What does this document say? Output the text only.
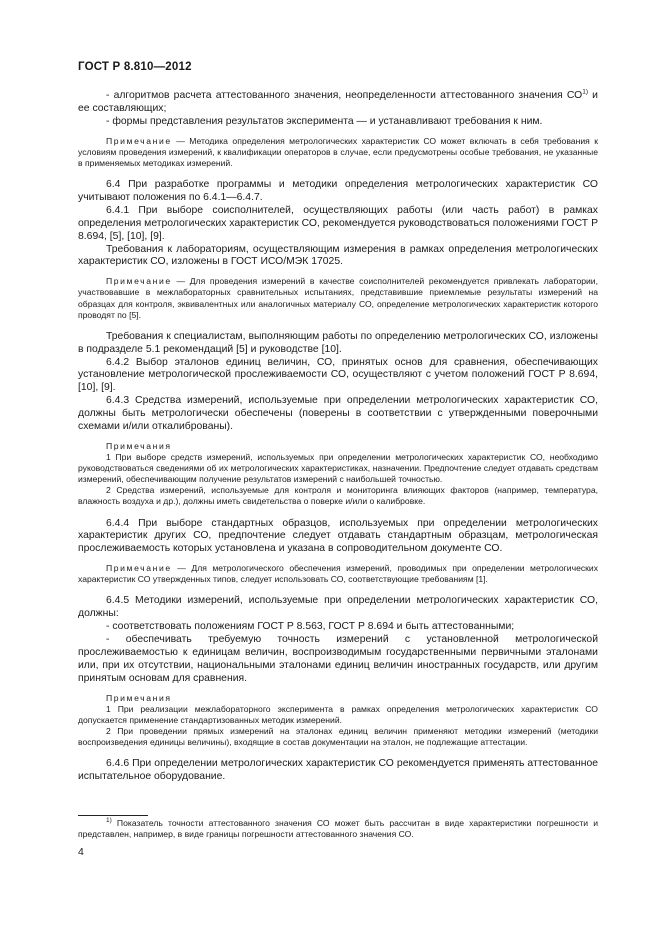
ГОСТ Р 8.810—2012

- алгоритмов расчета аттестованного значения, неопределенности аттестованного значения СО$^{1)}$ и ее составляющих;

- формы представления результатов эксперимента — и устанавливают требования к ним.

Примечание — Методика определения метрологических характеристик СО может включать в себя требования к условиям проведения измерений, к квалификации операторов в случае, если предусмотрены особые требования, не указанные в применяемых методиках измерений.

6.4 При разработке программы и методики определения метрологических характеристик СО учитывают положения по 6.4.1—6.4.7.

6.4.1 При выборе соисполнителей, осуществляющих работы (или часть работ) в рамках определения метрологических характеристик СО, рекомендуется руководствоваться положениями ГОСТ Р 8.694, [5], [10], [9].

Требования к лабораториям, осуществляющим измерения в рамках определения метрологических характеристик СО, изложены в ГОСТ ИСО/МЭК 17025.

Примечание — Для проведения измерений в качестве соисполнителей рекомендуется привлекать лаборатории, участвовавшие в межлабораторных сравнительных испытаниях, представившие приемлемые результаты измерений на образцах для контроля, эквивалентных или аналогичных материалу СО, определение метрологических характеристик которого проводят по [5].

Требования к специалистам, выполняющим работы по определению метрологических СО, изложены в подразделе 5.1 рекомендаций [5] и руководстве [10].

6.4.2 Выбор эталонов единиц величин, СО, принятых основ для сравнения, обеспечивающих установление метрологической прослеживаемости СО, осуществляют с учетом положений ГОСТ Р 8.694, [10], [9].

6.4.3 Средства измерений, используемые при определении метрологических характеристик СО, должны быть метрологически обеспечены (поверены в соответствии с утвержденными поверочными схемами и/или откалиброваны).

Примечания

1 При выборе средств измерений, используемых при определении метрологических характеристик СО, необходимо руководствоваться сведениями об их метрологических характеристиках, назначении. Предпочтение следует отдавать средствам измерений, обеспечивающим получение результатов измерений с наибольшей точностью.

2 Средства измерений, используемые для контроля и мониторинга влияющих факторов (например, температура, влажность воздуха и др.), должны иметь свидетельства о поверке и/или о калибровке.

6.4.4 При выборе стандартных образцов, используемых при определении метрологических характеристик других СО, предпочтение следует отдавать стандартным образцам, метрологическая прослеживаемость которых установлена и указана в сопроводительном документе СО.

Примечание — Для метрологического обеспечения измерений, проводимых при определении метрологических характеристик СО утвержденных типов, следует использовать СО, соответствующие требованиям [1].

6.4.5 Методики измерений, используемые при определении метрологических характеристик СО, должны:

- соответствовать положениям ГОСТ Р 8.563, ГОСТ Р 8.694 и быть аттестованными;

- обеспечивать требуемую точность измерений с установленной метрологической прослеживаемостью к единицам величин, воспроизводимым государственными первичными эталонами или, при их отсутствии, национальными эталонами единиц величин иностранных государств, или другим принятым основам для сравнения.

Примечания

1 При реализации межлабораторного эксперимента в рамках определения метрологических характеристик СО допускается применение стандартизованных методик измерений.

2 При проведении прямых измерений на эталонах единиц величин применяют методики измерений (методики воспроизведения единицы величины), входящие в состав документации на эталон, не подлежащие аттестации.

6.4.6 При определении метрологических характеристик СО рекомендуется применять аттестованное испытательное оборудование.

$^{1)}$ Показатель точности аттестованного значения СО может быть рассчитан в виде характеристики погрешности и представлен, например, в виде границы погрешности аттестованного значения СО.

4
